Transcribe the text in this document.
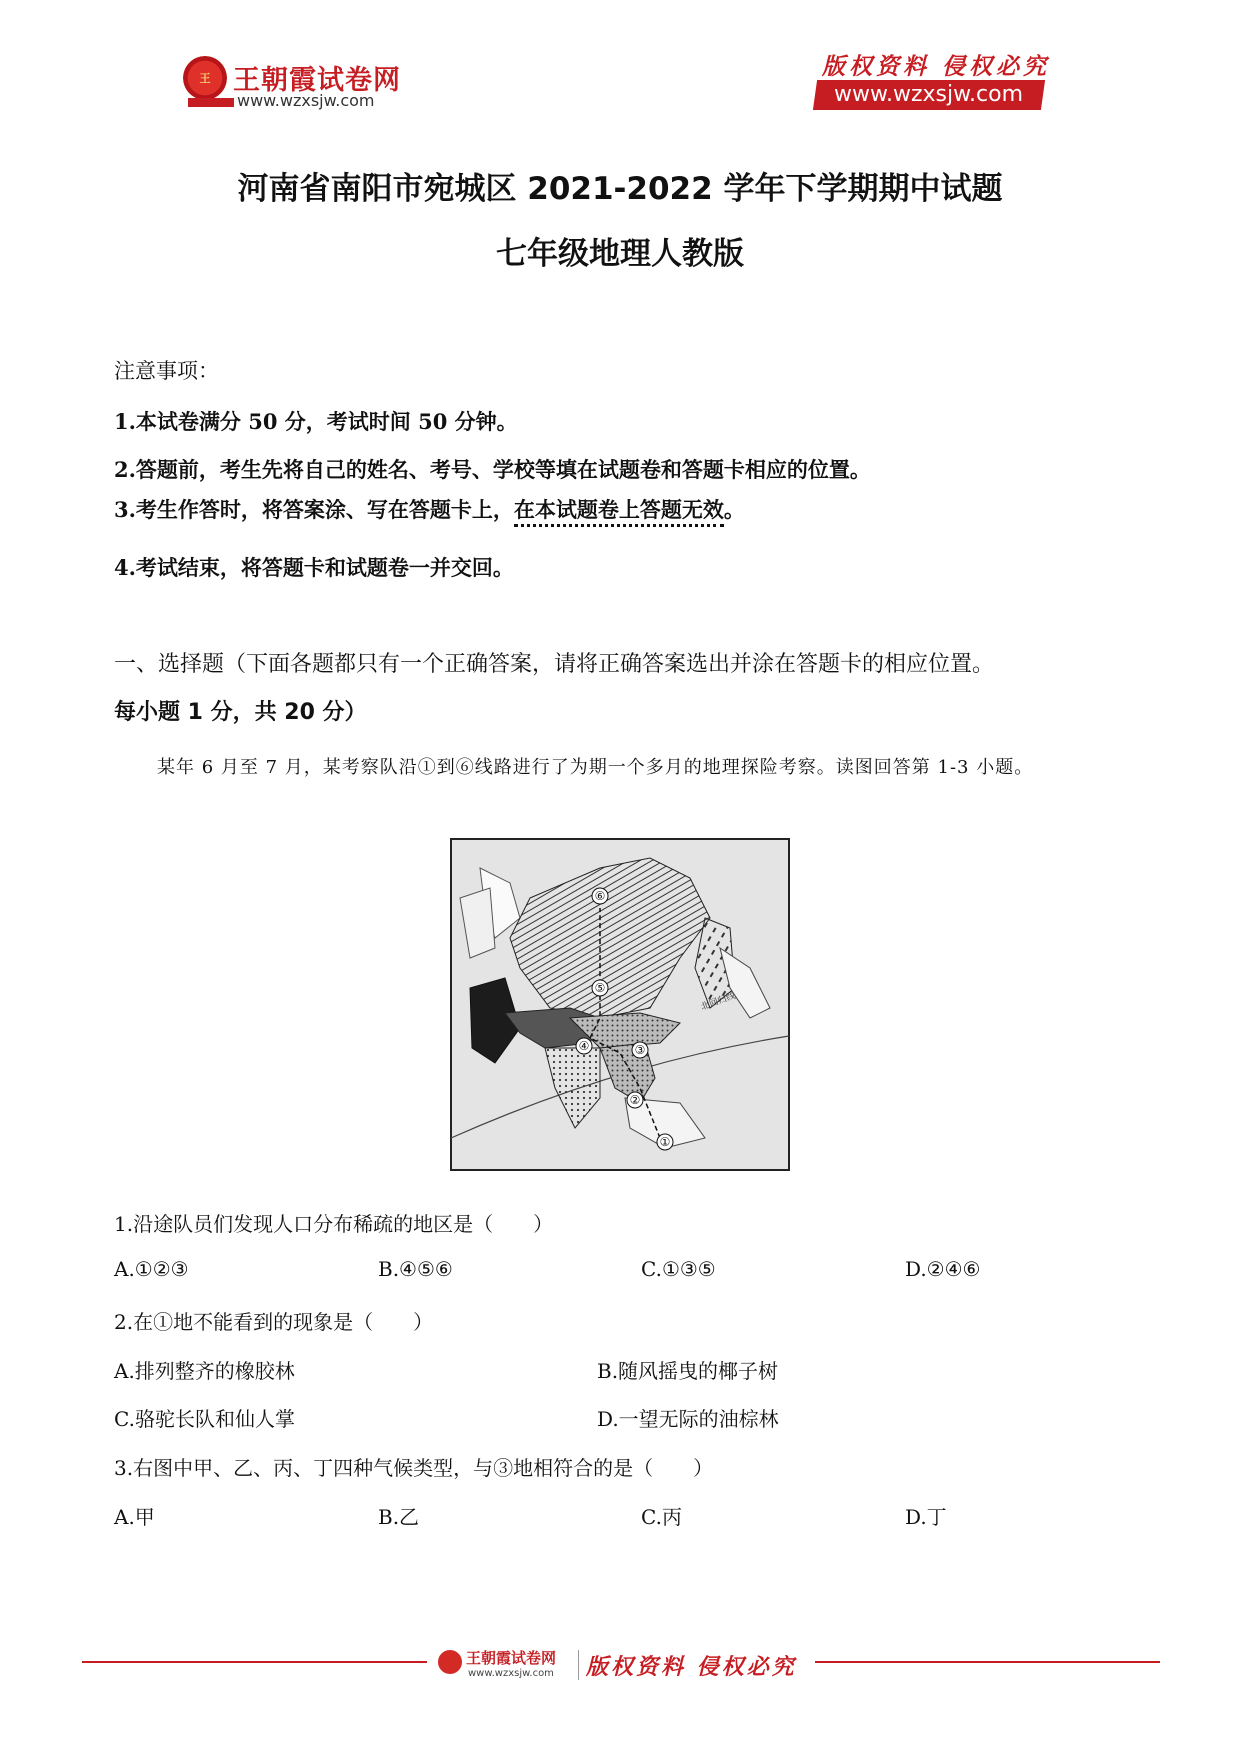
王 王朝霞试卷网
www.wzxsjw.com
版权资料 侵权必究
www.wzxsjw.com
河南省南阳市宛城区 2021-2022 学年下学期期中试题
七年级地理人教版
注意事项：
1.本试卷满分 50 分，考试时间 50 分钟。
2.答题前，考生先将自己的姓名、考号、学校等填在试题卷和答题卡相应的位置。
3.考生作答时，将答案涂、写在答题卡上，在本试题卷上答题无效。
4.考试结束，将答题卡和试题卷一并交回。
一、选择题（下面各题都只有一个正确答案，请将正确答案选出并涂在答题卡的相应位置。
每小题 1 分，共 20 分）
某年 6 月至 7 月，某考察队沿①到⑥线路进行了为期一个多月的地理探险考察。读图回答第 1-3 小题。
①
②
③
④
⑤
⑥
1.沿途队员们发现人口分布稀疏的地区是（　　）
A.①②③	B.④⑤⑥	C.①③⑤	D.②④⑥
2.在①地不能看到的现象是（　　）
A.排列整齐的橡胶林	B.随风摇曳的椰子树
C.骆驼长队和仙人掌	D.一望无际的油棕林
3.右图中甲、乙、丙、丁四种气候类型，与③地相符合的是（　　）
A.甲	B.乙	C.丙	D.丁
王朝霞试卷网
www.wzxsjw.com 版权资料 侵权必究
